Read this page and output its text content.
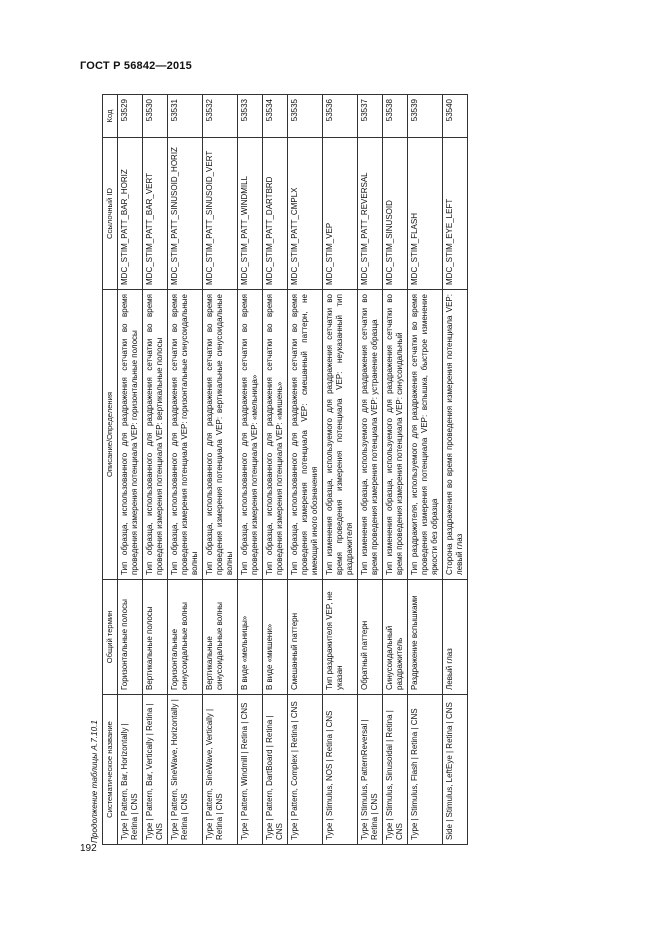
ГОСТ Р 56842—2015
Продолжение таблицы А.7.10.1 Систематическое название	Общий термин	Описание/Определения	Ссылочный ID	Код
Type | Pattern, Bar, Horizontally | Retina | CNS	Горизонтальные полосы	Тип образца, использованного для раздражения сетчатки во время проведения измерения потенциала VEP: горизонтальные полосы	MDC_STIM_PATT_BAR_HORIZ	53529
Type | Pattern, Bar, Vertically | Retina | CNS	Вертикальные полосы	Тип образца, использованного для раздражения сетчатки во время проведения измерения потенциала VEP: вертикальные полосы	MDC_STIM_PATT_BAR_VERT	53530
Type | Pattern, SineWave, Horizontally | Retina | CNS	Горизонтальные синусоидальные волны	Тип образца, использованного для раздражения сетчатки во время проведения измерения потенциала VEP: горизонтальные синусоидальные волны	MDC_STIM_PATT_SINUSOID_HORIZ	53531
Type | Pattern, SineWave, Vertically | Retina | CNS	Вертикальные синусоидальные волны	Тип образца, использованного для раздражения сетчатки во время проведения измерения потенциала VEP: вертикальные синусоидальные волны	MDC_STIM_PATT_SINUSOID_VERT	53532
Type | Pattern, Windmill | Retina | CNS	В виде «мельницы»	Тип образца, использованного для раздражения сетчатки во время проведения измерения потенциала VEP: «мельница»	MDC_STIM_PATT_WINDMILL	53533
Type | Pattern, DartBoard | Retina | CNS	В виде «мишени»	Тип образца, использованного для раздражения сетчатки во время проведения измерения потенциала VEP: «мишень»	MDC_STIM_PATT_DARTBRD	53534
Type | Pattern, Complex | Retina | CNS	Смешанный паттерн	Тип образца, использованного для раздражения сетчатки во время проведения измерения потенциала VEP: смешанный паттерн, не имеющий иного обозначения	MDC_STIM_PATT_CMPLX	53535
Type | Stimulus, NOS | Retina | CNS	Тип раздражителя VEP, не указан	Тип изменения образца, используемого для раздражения сетчатки во время проведения измерения потенциала VEP: неуказанный тип раздражителя	MDC_STIM_VEP	53536
Type | Stimulus, PatternReversal | Retina | CNS	Обратный паттерн	Тип изменения образца, используемого для раздражения сетчатки во время проведения измерения потенциала VEP: устранение образца	MDC_STIM_PATT_REVERSAL	53537
Type | Stimulus, Sinusoidal | Retina | CNS	Синусоидальный раздражитель	Тип изменения образца, используемого для раздражения сетчатки во время проведения измерения потенциала VEP: синусоидальный	MDC_STIM_SINUSOID	53538
Type | Stimulus, Flash | Retina | CNS	Раздражение вспышками	Тип раздражителя, используемого для раздражения сетчатки во время проведения измерения потенциала VEP: вспышка, быстрое изменение яркости без образца	MDC_STIM_FLASH	53539
Side | Stimulus, LeftEye | Retina | CNS	Левый глаз	Сторона раздражения во время проведения измерения потенциала VEP: левый глаз	MDC_STIM_EYE_LEFT	53540
192
